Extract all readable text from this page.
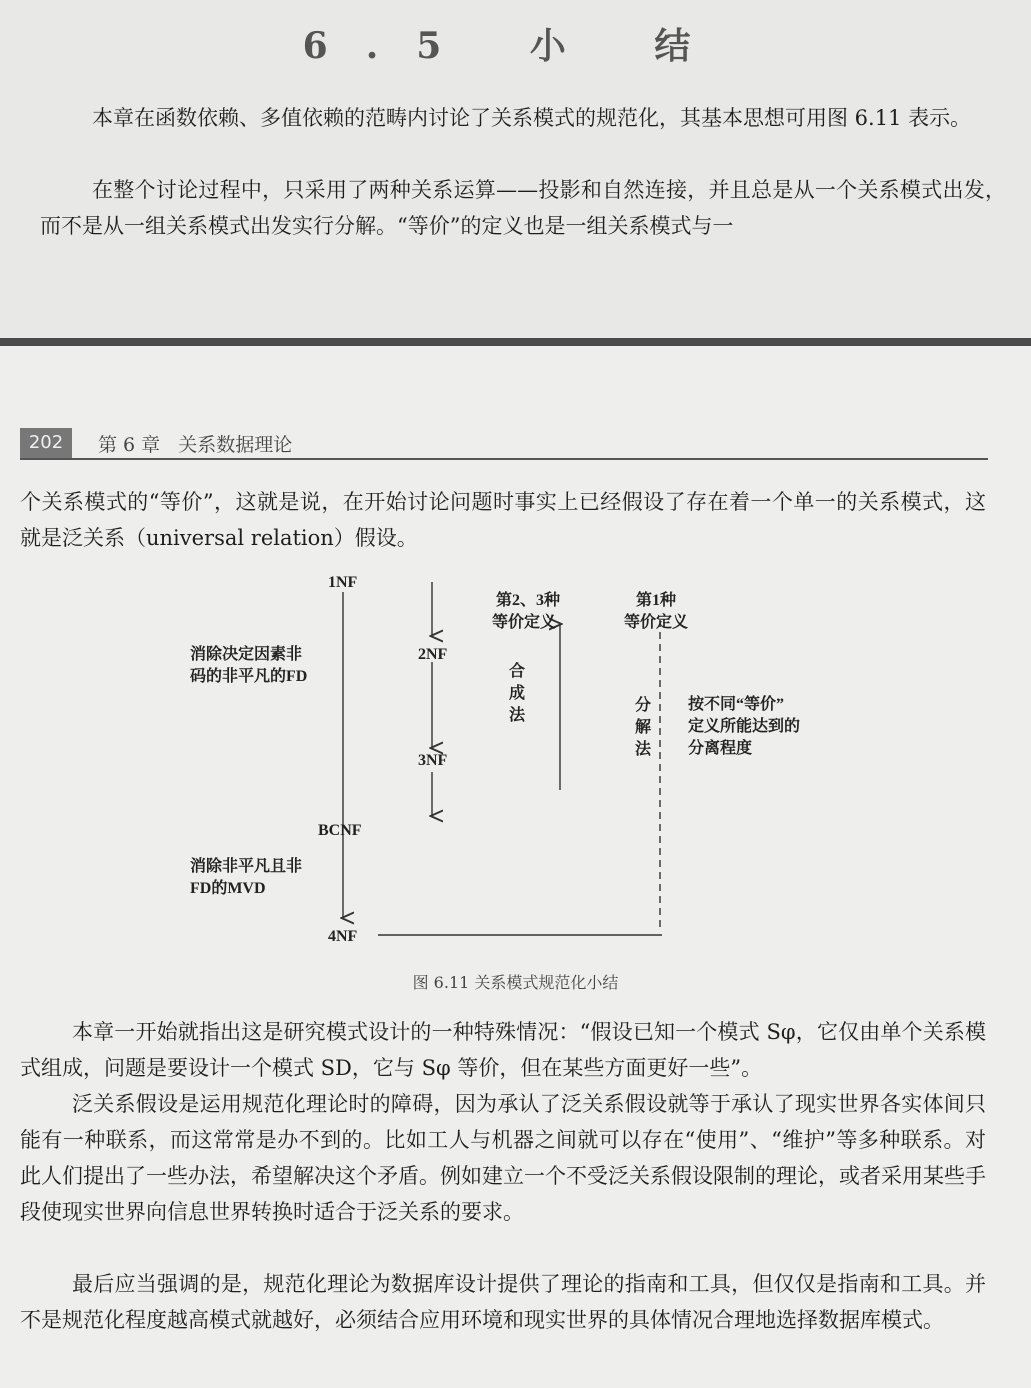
6.5 小 结
本章在函数依赖、多值依赖的范畴内讨论了关系模式的规范化，其基本思想可用图 6.11 表示。
在整个讨论过程中，只采用了两种关系运算——投影和自然连接，并且总是从一个关系模式出发，而不是从一组关系模式出发实行分解。“等价”的定义也是一组关系模式与一
202	第 6 章 关系数据理论
个关系模式的“等价”，这就是说，在开始讨论问题时事实上已经假设了存在着一个单一的关系模式，这就是泛关系（universal relation）假设。
1NF
2NF
3NF
BCNF
4NF
消除决定因素非
码的非平凡的FD
消除非平凡且非
FD的MVD
第2、3种
等价定义
第1种
等价定义
合
成
法
分
解
法
按不同“等价”
定义所能达到的
分离程度
图 6.11 关系模式规范化小结
本章一开始就指出这是研究模式设计的一种特殊情况：“假设已知一个模式 Sφ，它仅由单个关系模式组成，问题是要设计一个模式 SD，它与 Sφ 等价，但在某些方面更好一些”。
泛关系假设是运用规范化理论时的障碍，因为承认了泛关系假设就等于承认了现实世界各实体间只能有一种联系，而这常常是办不到的。比如工人与机器之间就可以存在“使用”、“维护”等多种联系。对此人们提出了一些办法，希望解决这个矛盾。例如建立一个不受泛关系假设限制的理论，或者采用某些手段使现实世界向信息世界转换时适合于泛关系的要求。
最后应当强调的是，规范化理论为数据库设计提供了理论的指南和工具，但仅仅是指南和工具。并不是规范化程度越高模式就越好，必须结合应用环境和现实世界的具体情况合理地选择数据库模式。
